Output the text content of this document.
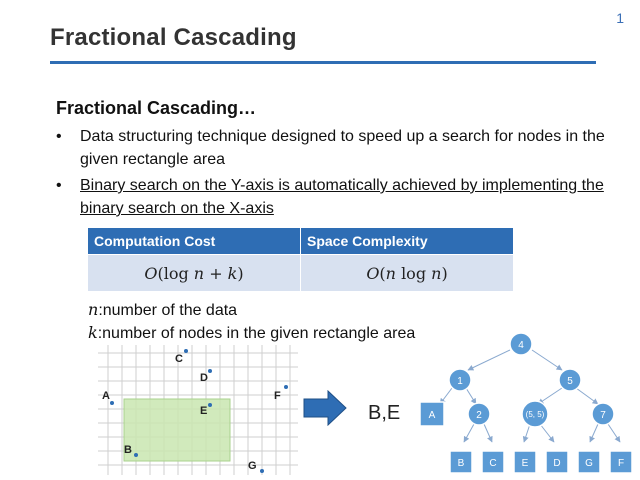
1
Fractional Cascading
Fractional Cascading…
• Data structuring technique designed to speed up a search for nodes in the given rectangle area
• Binary search on the Y-axis is automatically achieved by implementing the binary search on the X-axis
Computation Cost	Space Complexity
𝑂(log 𝑛 + 𝑘)	𝑂(𝑛 log 𝑛)
𝑛:number of the data
𝑘:number of nodes in the given rectangle area
A
B
C
D
E
F
G
B,E
4
1	5
A	2	(5, 5)	7
B	C	E	D G	F
